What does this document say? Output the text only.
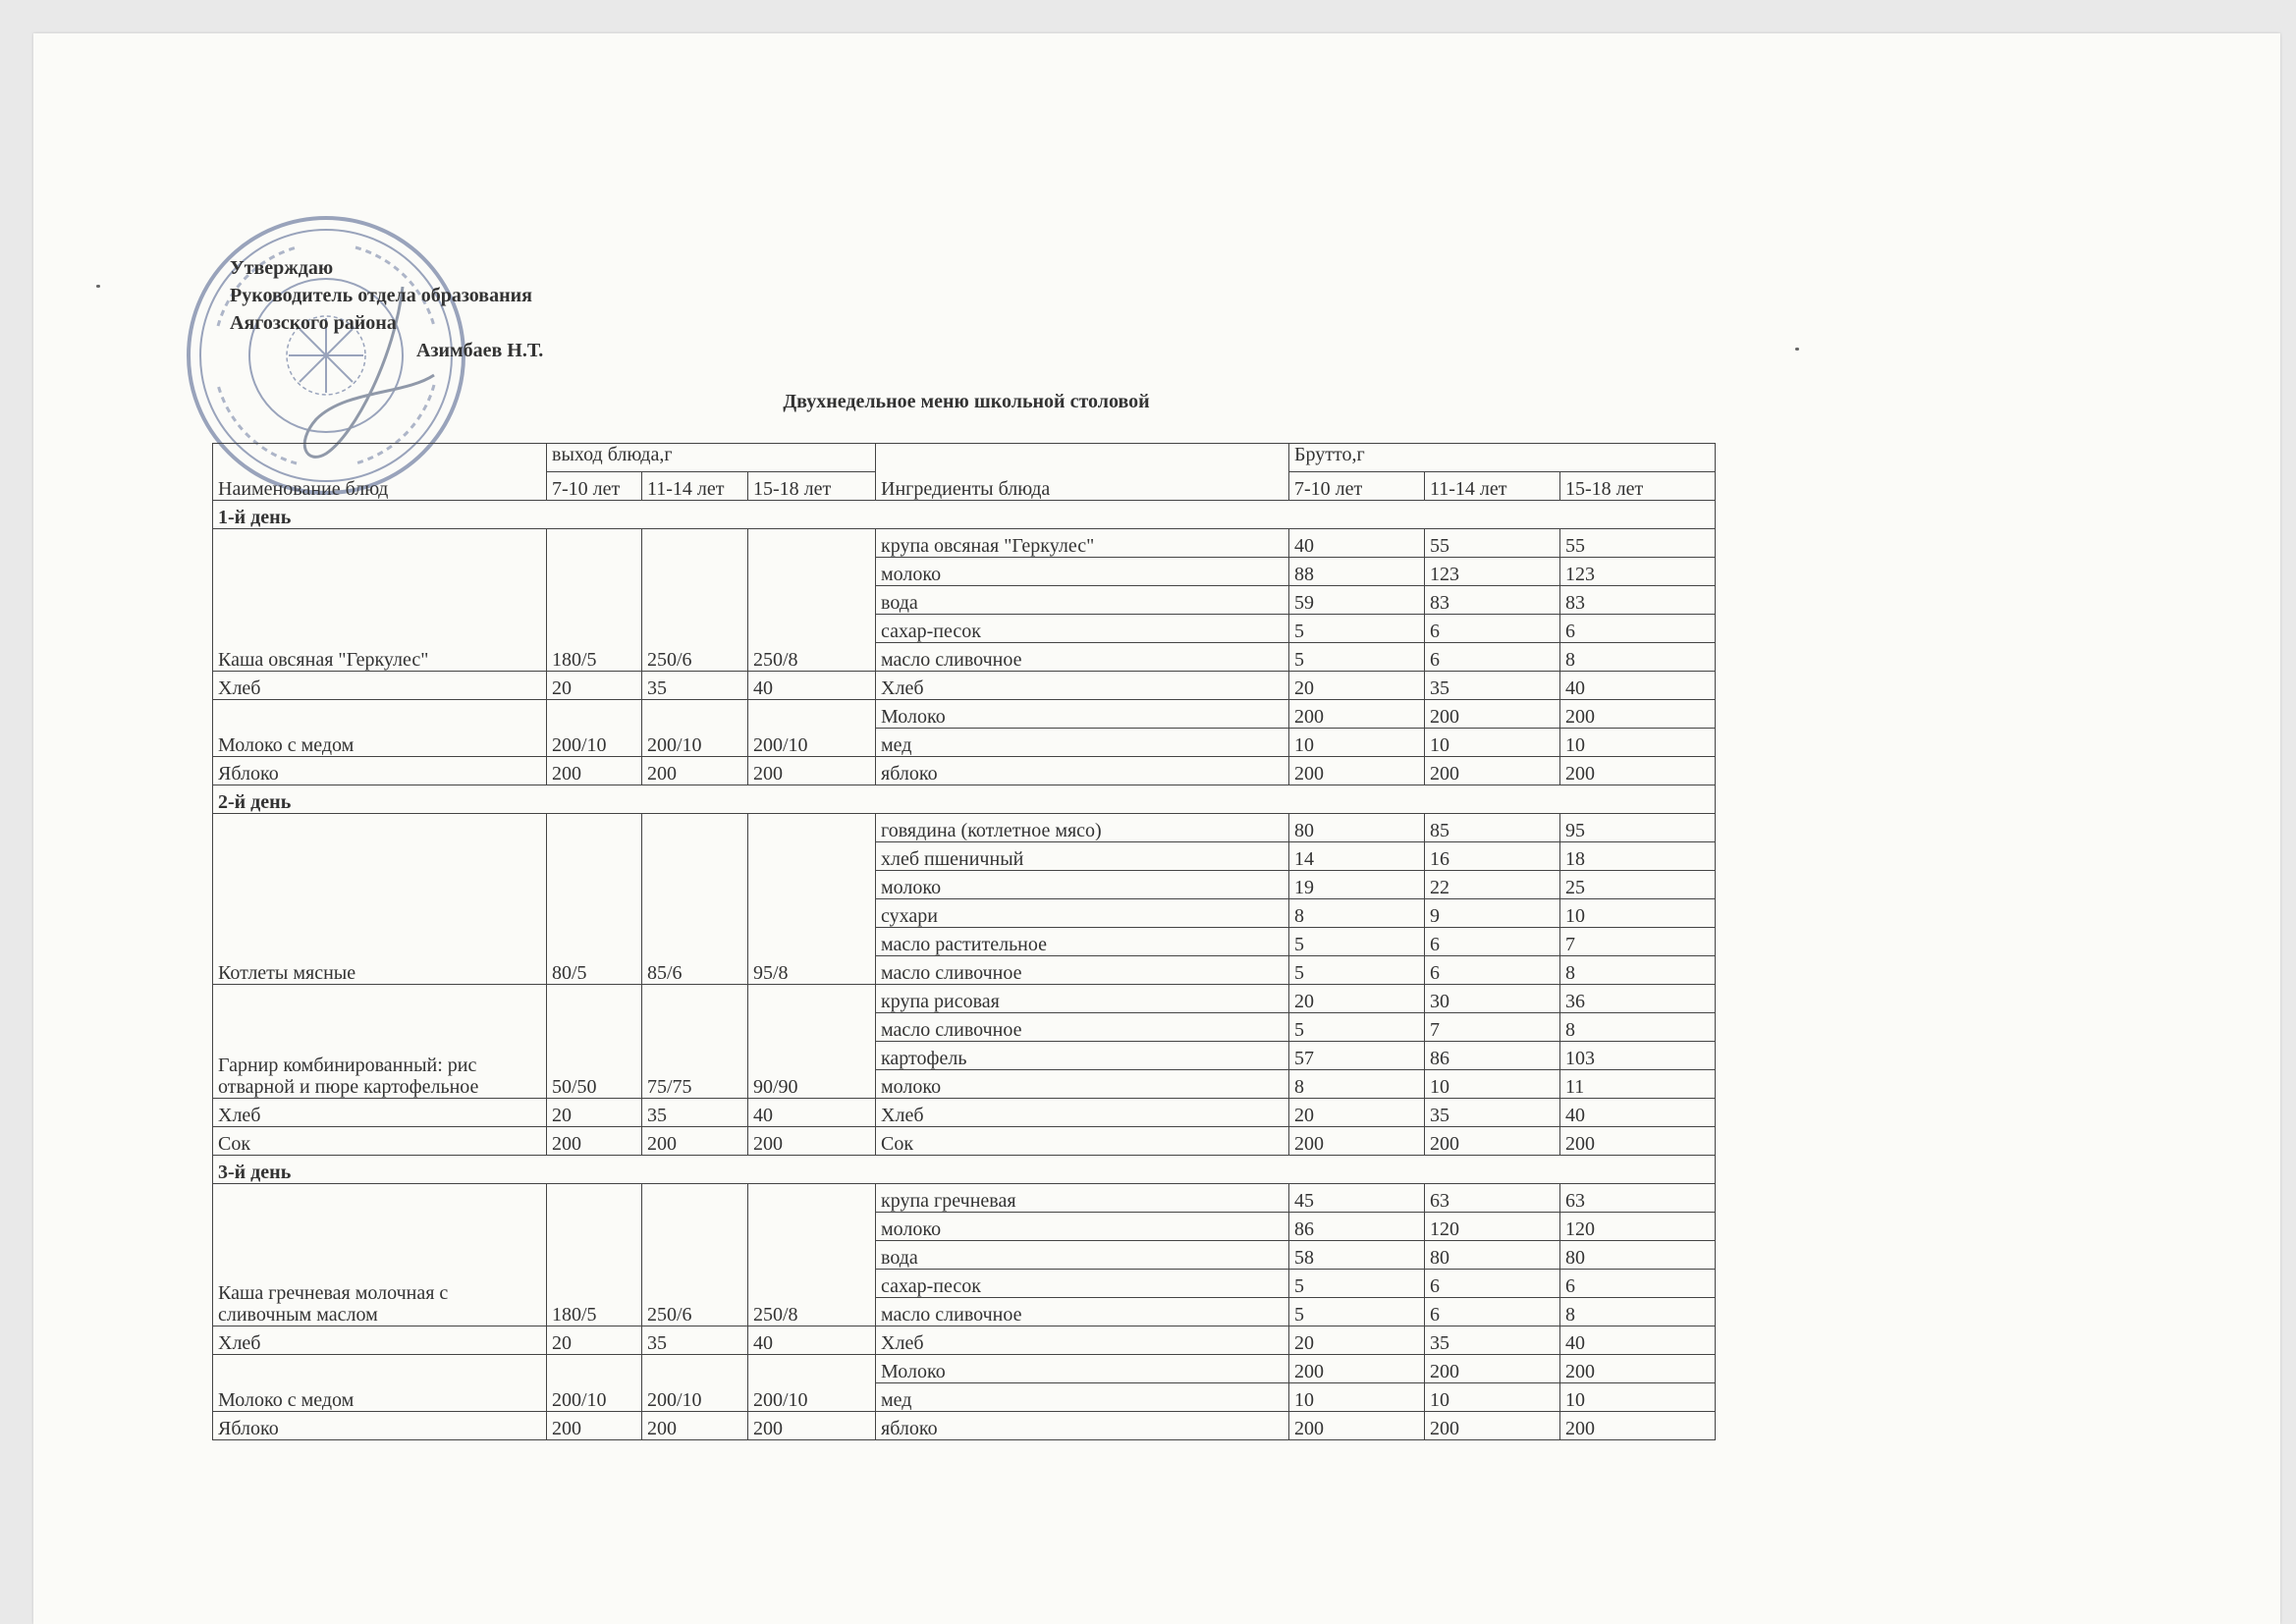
Утверждаю
Руководитель отдела образования
Аягозского района
Азимбаев Н.Т.
Двухнедельное меню школьной столовой
Наименование блюд	выход блюда,г			Ингредиенты блюда	Брутто,г		
	7-10 лет	11-14 лет	15-18 лет		7-10 лет	11-14 лет	15-18 лет
1-й день							
Каша овсяная "Геркулес"	180/5	250/6	250/8	крупа овсяная "Геркулес"	40	55	55
				молоко	88	123	123
				вода	59	83	83
				сахар-песок	5	6	6
				масло сливочное	5	6	8
Хлеб	20	35	40	Хлеб	20	35	40
Молоко с медом	200/10	200/10	200/10	Молоко	200	200	200
				мед	10	10	10
Яблоко	200	200	200	яблоко	200	200	200
2-й день							
Котлеты мясные	80/5	85/6	95/8	говядина (котлетное мясо)	80	85	95
				хлеб пшеничный	14	16	18
				молоко	19	22	25
				сухари	8	9	10
				масло растительное	5	6	7
				масло сливочное	5	6	8
Гарнир комбинированный: рис отварной и пюре картофельное	50/50	75/75	90/90	крупа рисовая	20	30	36
				масло сливочное	5	7	8
				картофель	57	86	103
				молоко	8	10	11
Хлеб	20	35	40	Хлеб	20	35	40
Сок	200	200	200	Сок	200	200	200
3-й день							
Каша гречневая молочная с сливочным маслом	180/5	250/6	250/8	крупа гречневая	45	63	63
				молоко	86	120	120
				вода	58	80	80
				сахар-песок	5	6	6
				масло сливочное	5	6	8
Хлеб	20	35	40	Хлеб	20	35	40
Молоко с медом	200/10	200/10	200/10	Молоко	200	200	200
				мед	10	10	10
Яблоко	200	200	200	яблоко	200	200	200
